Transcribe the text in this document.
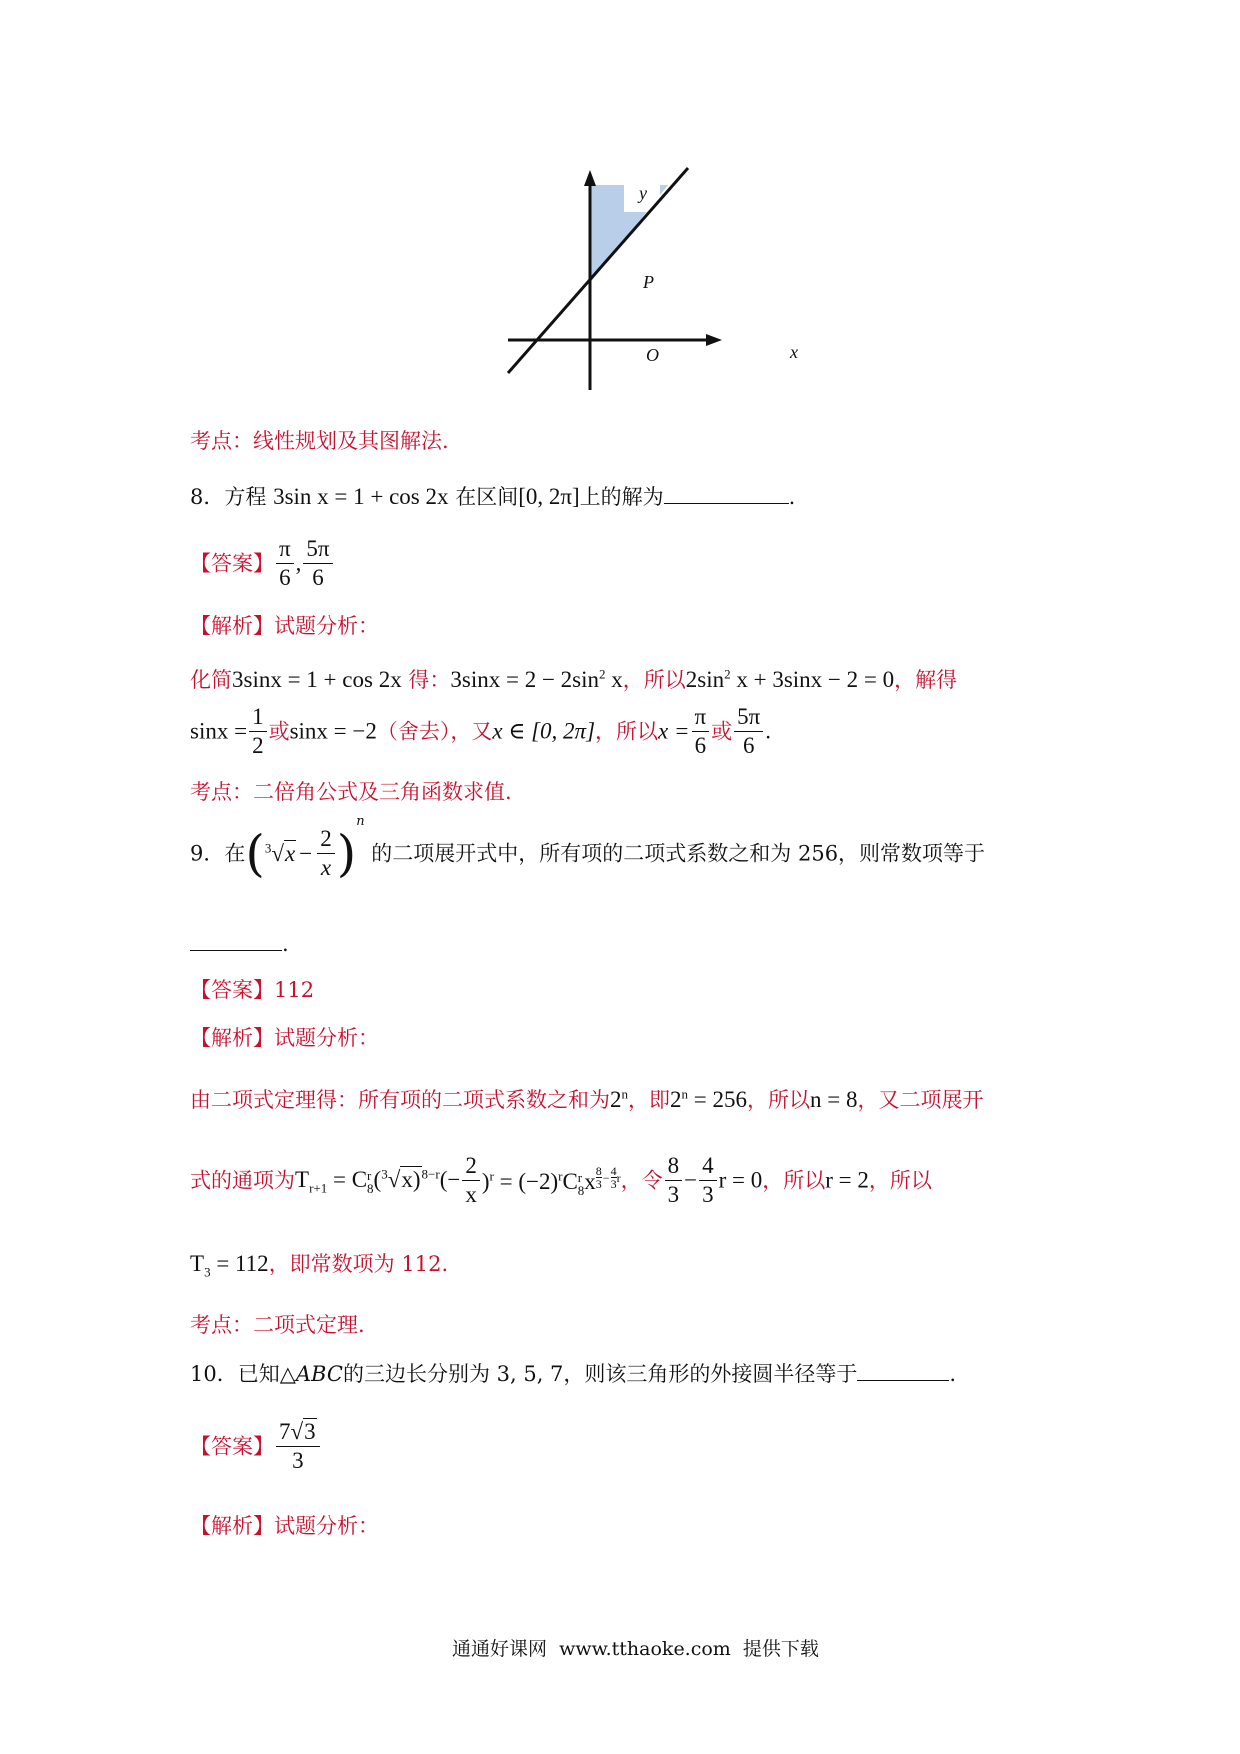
y
P
O	x
考点：线性规划及其图解法.
8．方程 3sin x = 1 + cos 2x 在区间[0, 2π]上的解为	.
【答案】 $\frac{\pi}{6}$ , $\frac{5\pi}{6}$
【解析】试题分析：
化简3sinx = 1 + cos 2x 得：$3\sin x = 2 - 2\sin^2$ x，所以$2\sin^2$ x + 3sinx − 2 = 0，解得
$\sin x = \frac{1}{2}$ 或sinx = −2（舍去），又x ∈ [0, 2π]，所以$x = \frac{\pi}{6}$ 或 $\frac{5\pi}{6}$ .
考点：二倍角公式及三角函数求值.
9．在$(^3√x - \frac{2}{x} )^n$ 的二项展开式中，所有项的二项式系数之和为 256，则常数项等于
.
【答案】112
【解析】试题分析：
由二项式定理得：所有项的二项式系数之和为2$^n$，即$2^n = 256$，所以n = 8，又二项展开
式的通项为$T_{r+1} = C$ r
8 $(^3√x)^{8-r}(- \frac{2}{x} )^r = (-2)^rC$ r
8 x 8
$3 - \frac{4}{3}$ r ，令 $\frac{8}{3} - \frac{4}{3}$ r = 0，所以r = 2，所以
$T_3 = 112$，即常数项为 112.
考点：二项式定理.
10．已知△ABC的三边长分别为 3, 5, 7，则该三角形的外接圆半径等于	.
【答案】 $\frac{7√3}{3}$
【解析】试题分析：
通通好课网  www.tthaoke.com  提供下载
